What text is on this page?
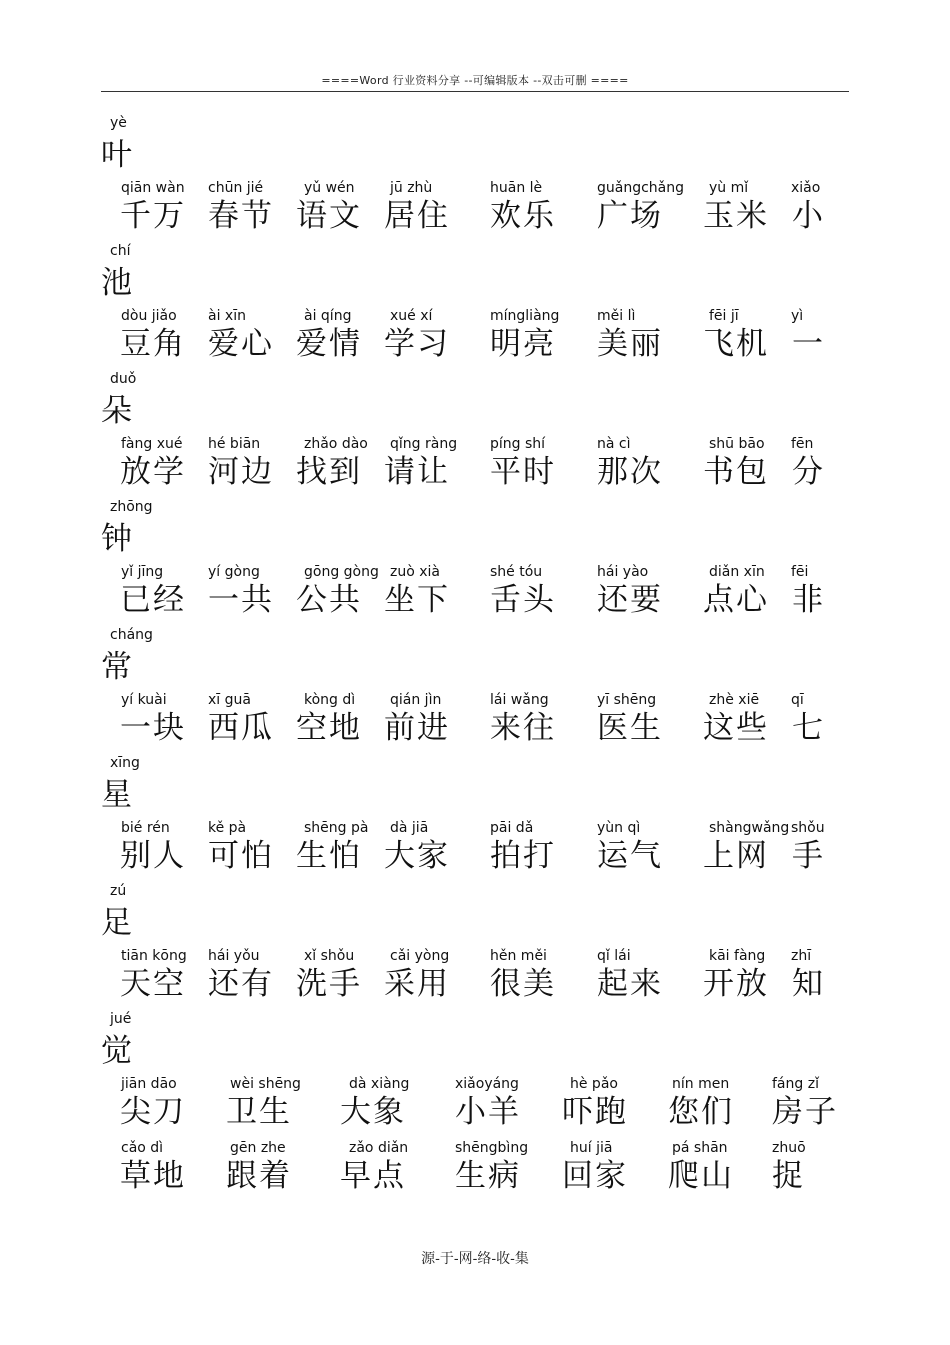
====Word 行业资料分享 --可编辑版本 --双击可删 ====
yè
叶
qiān wàn
千万
chūn jié
春节
yǔ wén
语文
jū zhù
居住
huān lè
欢乐
guǎngchǎng
广场
yù mǐ
玉米
xiǎo
小
chí
池
dòu jiǎo
豆角
ài xīn
爱心
ài qíng
爱情
xué xí
学习
míngliàng
明亮
měi lì
美丽
fēi jī
飞机
yì
一
duǒ
朵
fàng xué
放学
hé biān
河边
zhǎo dào
找到
qǐng ràng
请让
píng shí
平时
nà cì
那次
shū bāo
书包
fēn
分
zhōng
钟
yǐ jīng
已经
yí gòng
一共
gōng gòng
公共
zuò xià
坐下
shé tóu
舌头
hái yào
还要
diǎn xīn
点心
fēi
非
cháng
常
yí kuài
一块
xī guā
西瓜
kòng dì
空地
qián jìn
前进
lái wǎng
来往
yī shēng
医生
zhè xiē
这些
qī
七
xīng
星
bié rén
别人
kě pà
可怕
shēng pà
生怕
dà jiā
大家
pāi dǎ
拍打
yùn qì
运气
shàngwǎng
上网
shǒu
手
zú
足
tiān kōng
天空
hái yǒu
还有
xǐ shǒu
洗手
cǎi yòng
采用
hěn měi
很美
qǐ lái
起来
kāi fàng
开放
zhī
知
jué
觉
jiān dāo
尖刀
wèi shēng
卫生
dà xiàng
大象
xiǎoyáng
小羊
hè pǎo
吓跑
nín men
您们
fáng zǐ
房子
cǎo dì
草地
gēn zhe
跟着
zǎo diǎn
早点
shēngbìng
生病
huí jiā
回家
pá shān
爬山
zhuō
捉
源-于-网-络-收-集
